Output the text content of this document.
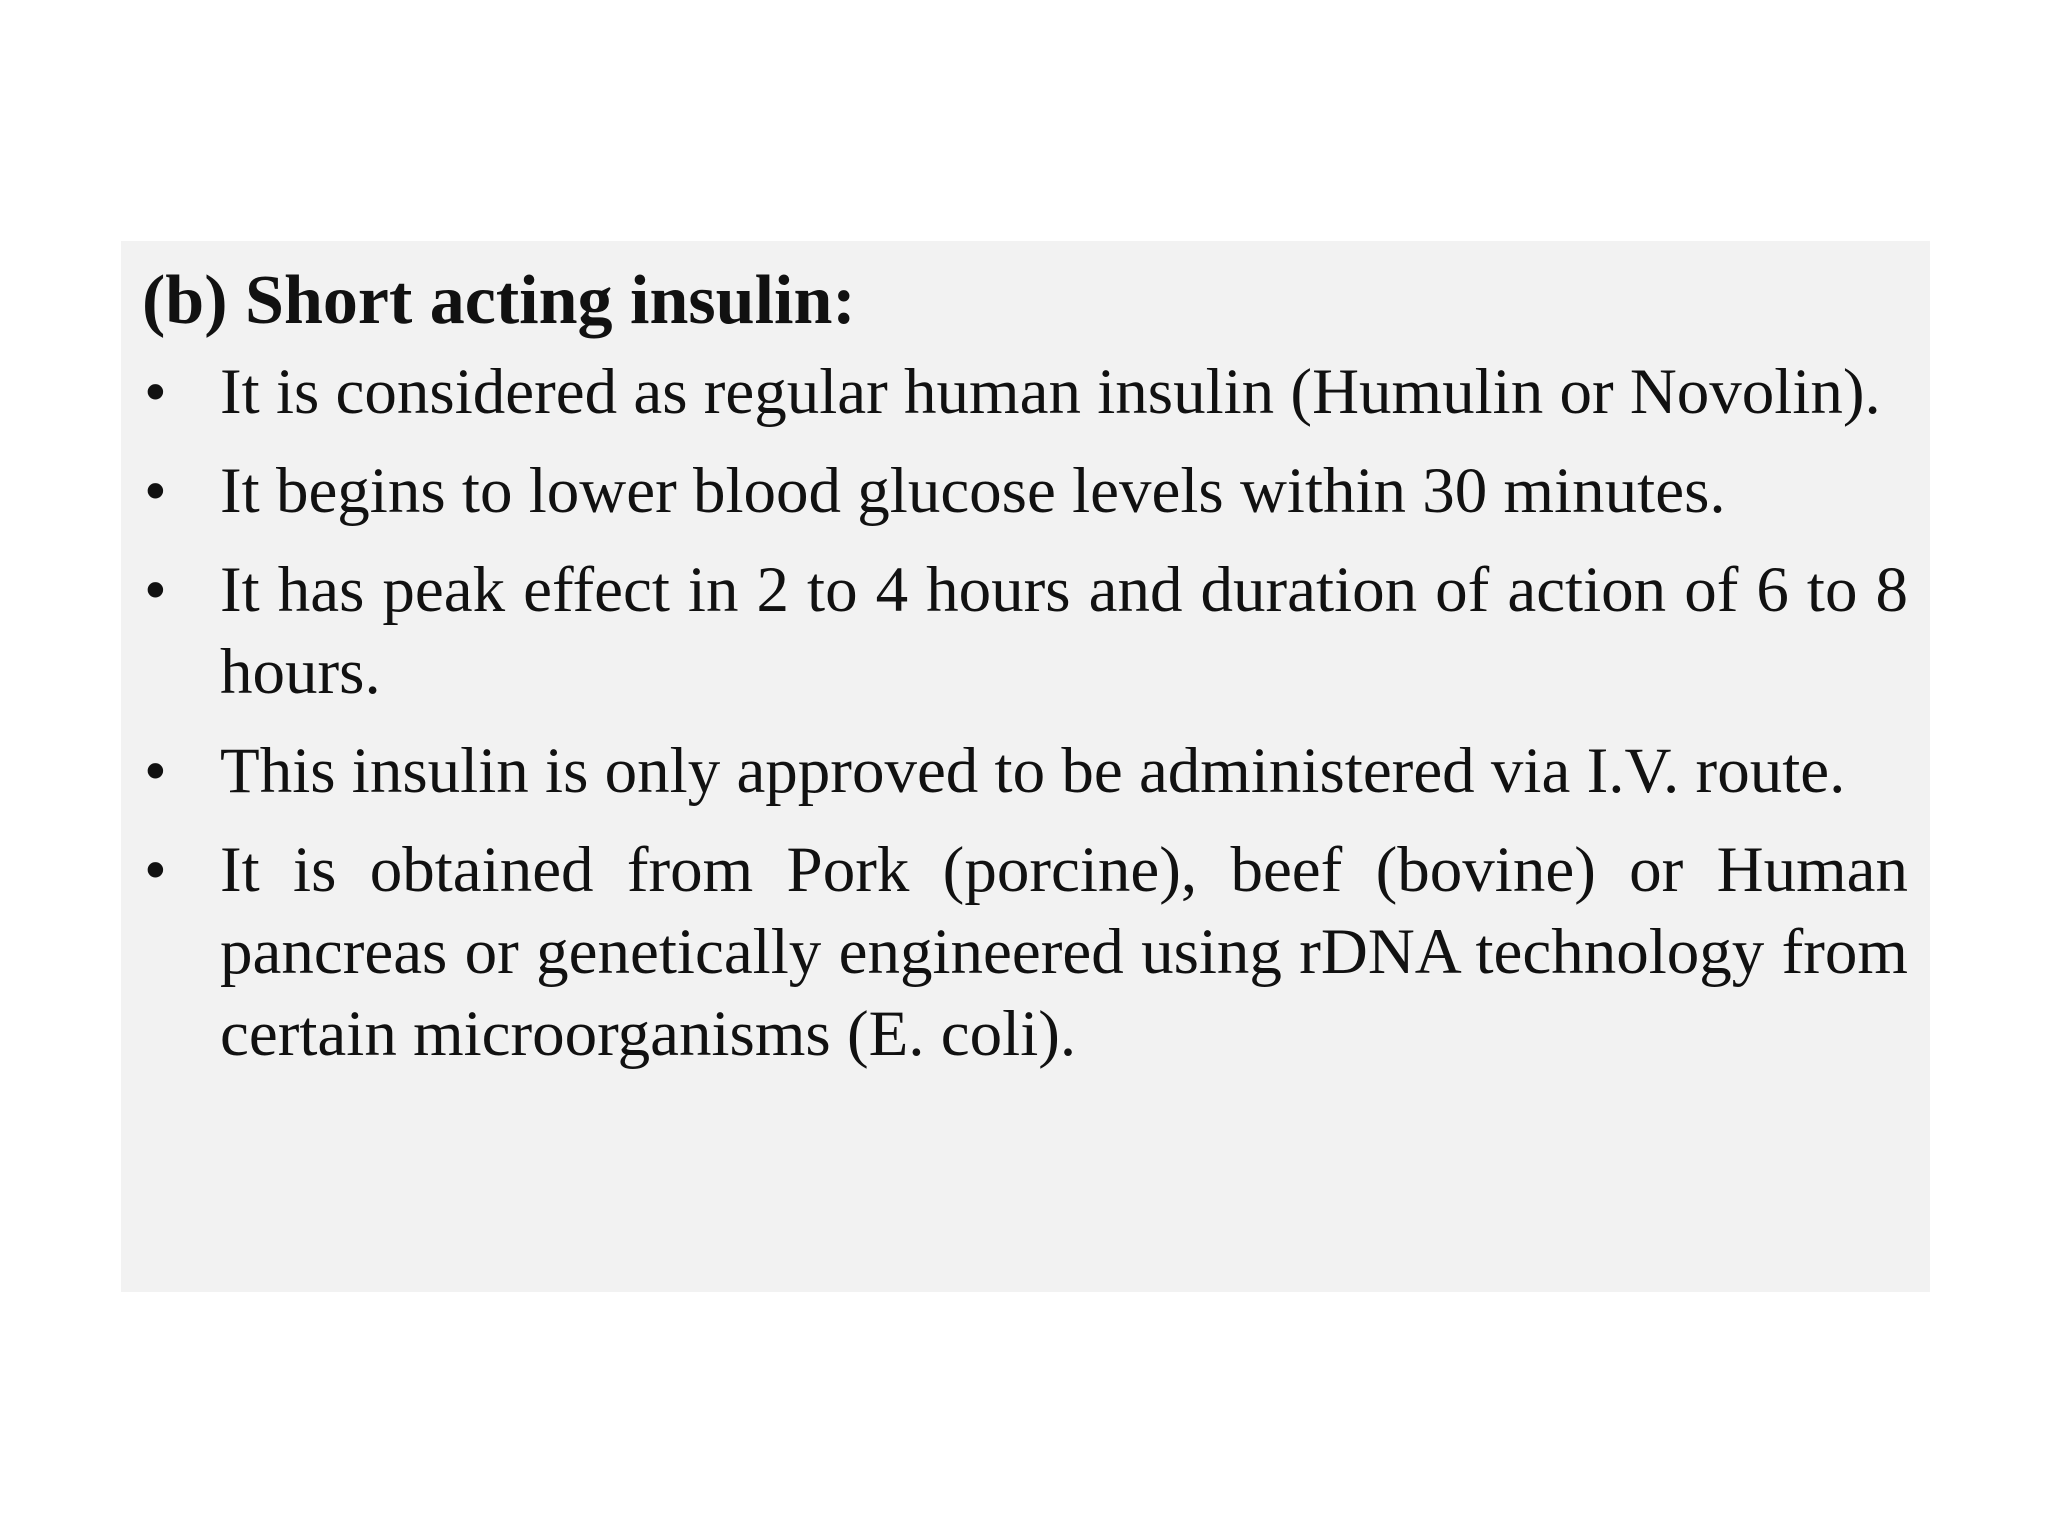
(b) Short acting insulin:
• It is considered as regular human insulin (Humulin or Novolin).
• It begins to lower blood glucose levels within 30 minutes.
• It has peak effect in 2 to 4 hours and duration of action of 6 to 8 hours.
• This insulin is only approved to be administered via I.V. route.
• It is obtained from Pork (porcine), beef (bovine) or Human pancreas or genetically engineered using rDNA technology from certain microorganisms (E. coli).
